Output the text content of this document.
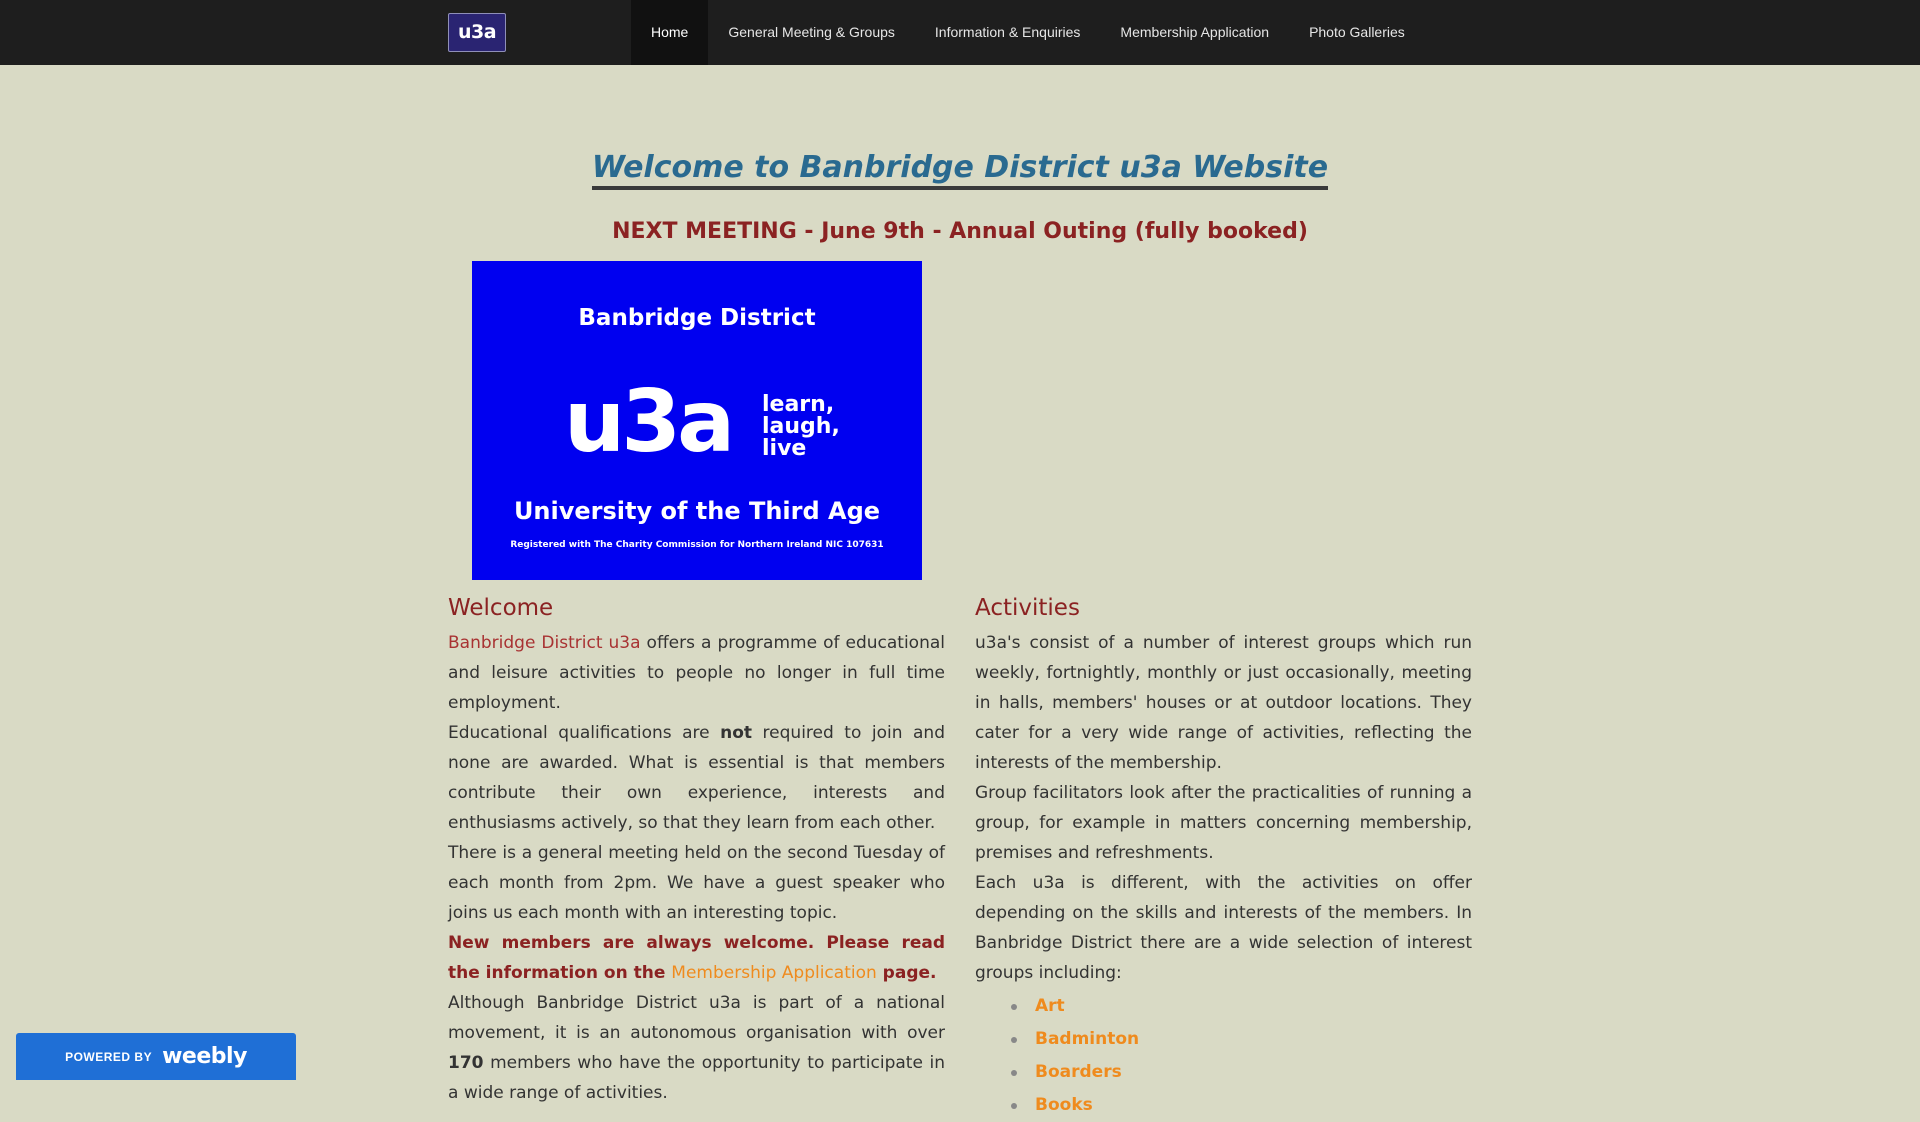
u3a	Home	General Meeting & Groups	Information & Enquiries	Membership Application	Photo Galleries
Welcome to Banbridge District u3a Website
NEXT MEETING - June 9th - Annual Outing (fully booked)
Banbridge District
u3a learn,
laugh,
live
University of the Third Age
Registered with The Charity Commission for Northern Ireland NIC 107631
Welcome

Banbridge District u3a offers a programme of educational and leisure activities to people no longer in full time employment.

Educational qualifications are not required to join and none are awarded. What is essential is that members contribute their own experience, interests and enthusiasms actively, so that they learn from each other.

There is a general meeting held on the second Tuesday of each month from 2pm. We have a guest speaker who joins us each month with an interesting topic.

New members are always welcome. Please read the information on the Membership Application page.

Although Banbridge District u3a is part of a national movement, it is an autonomous organisation with over 170 members who have the opportunity to participate in a wide range of activities.

Activities

u3a's consist of a number of interest groups which run weekly, fortnightly, monthly or just occasionally, meeting in halls, members' houses or at outdoor locations. They cater for a very wide range of activities, reflecting the interests of the membership.

Group facilitators look after the practicalities of running a group, for example in matters concerning membership, premises and refreshments.

Each u3a is different, with the activities on offer depending on the skills and interests of the members. In Banbridge District there are a wide selection of interest groups including:

Art
Badminton
Boarders
Books
POWERED BY weebly
